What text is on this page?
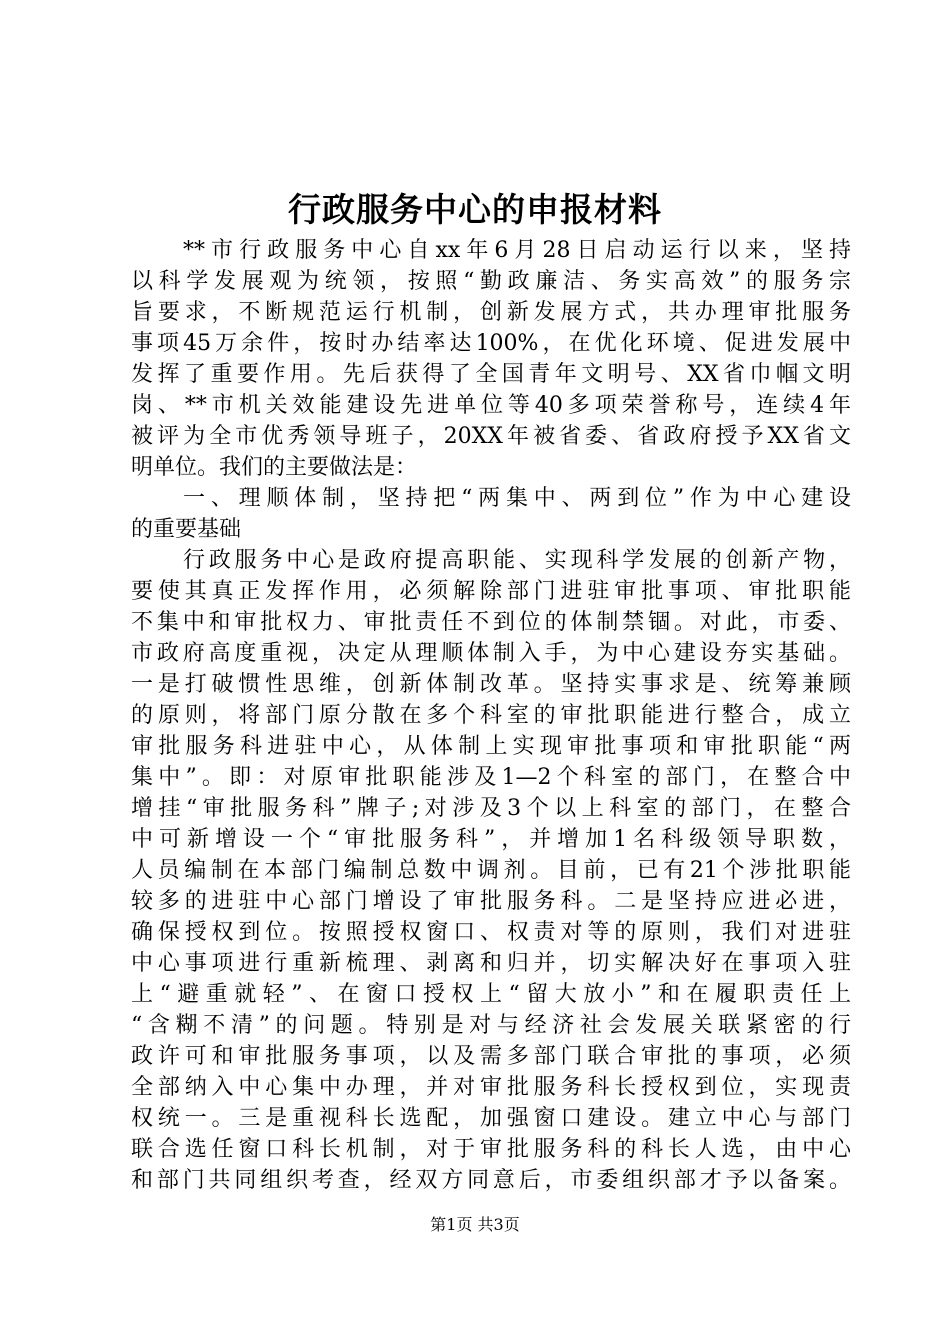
行政服务中心的申报材料
**市行政服务中心自xx年6月28日启动运行以来，坚持
以科学发展观为统领，按照“勤政廉洁、务实高效”的服务宗
旨要求，不断规范运行机制，创新发展方式，共办理审批服务
事项45万余件，按时办结率达100%，在优化环境、促进发展中
发挥了重要作用。先后获得了全国青年文明号、XX省巾帼文明
岗、**市机关效能建设先进单位等40多项荣誉称号，连续4年
被评为全市优秀领导班子，20XX年被省委、省政府授予XX省文
明单位。我们的主要做法是：
一、理顺体制，坚持把“两集中、两到位”作为中心建设
的重要基础
行政服务中心是政府提高职能、实现科学发展的创新产物，
要使其真正发挥作用，必须解除部门进驻审批事项、审批职能
不集中和审批权力、审批责任不到位的体制禁锢。对此，市委、
市政府高度重视，决定从理顺体制入手，为中心建设夯实基础。
一是打破惯性思维，创新体制改革。坚持实事求是、统筹兼顾
的原则，将部门原分散在多个科室的审批职能进行整合，成立
审批服务科进驻中心，从体制上实现审批事项和审批职能“两
集中”。即：对原审批职能涉及1—2个科室的部门，在整合中
增挂“审批服务科”牌子;对涉及3个以上科室的部门，在整合
中可新增设一个“审批服务科”，并增加1名科级领导职数，
人员编制在本部门编制总数中调剂。目前，已有21个涉批职能
较多的进驻中心部门增设了审批服务科。二是坚持应进必进，
确保授权到位。按照授权窗口、权责对等的原则，我们对进驻
中心事项进行重新梳理、剥离和归并，切实解决好在事项入驻
上“避重就轻”、在窗口授权上“留大放小”和在履职责任上
“含糊不清”的问题。特别是对与经济社会发展关联紧密的行
政许可和审批服务事项，以及需多部门联合审批的事项，必须
全部纳入中心集中办理，并对审批服务科长授权到位，实现责
权统一。三是重视科长选配，加强窗口建设。建立中心与部门
联合选任窗口科长机制，对于审批服务科的科长人选，由中心
和部门共同组织考查，经双方同意后，市委组织部才予以备案。
第1页 共3页
